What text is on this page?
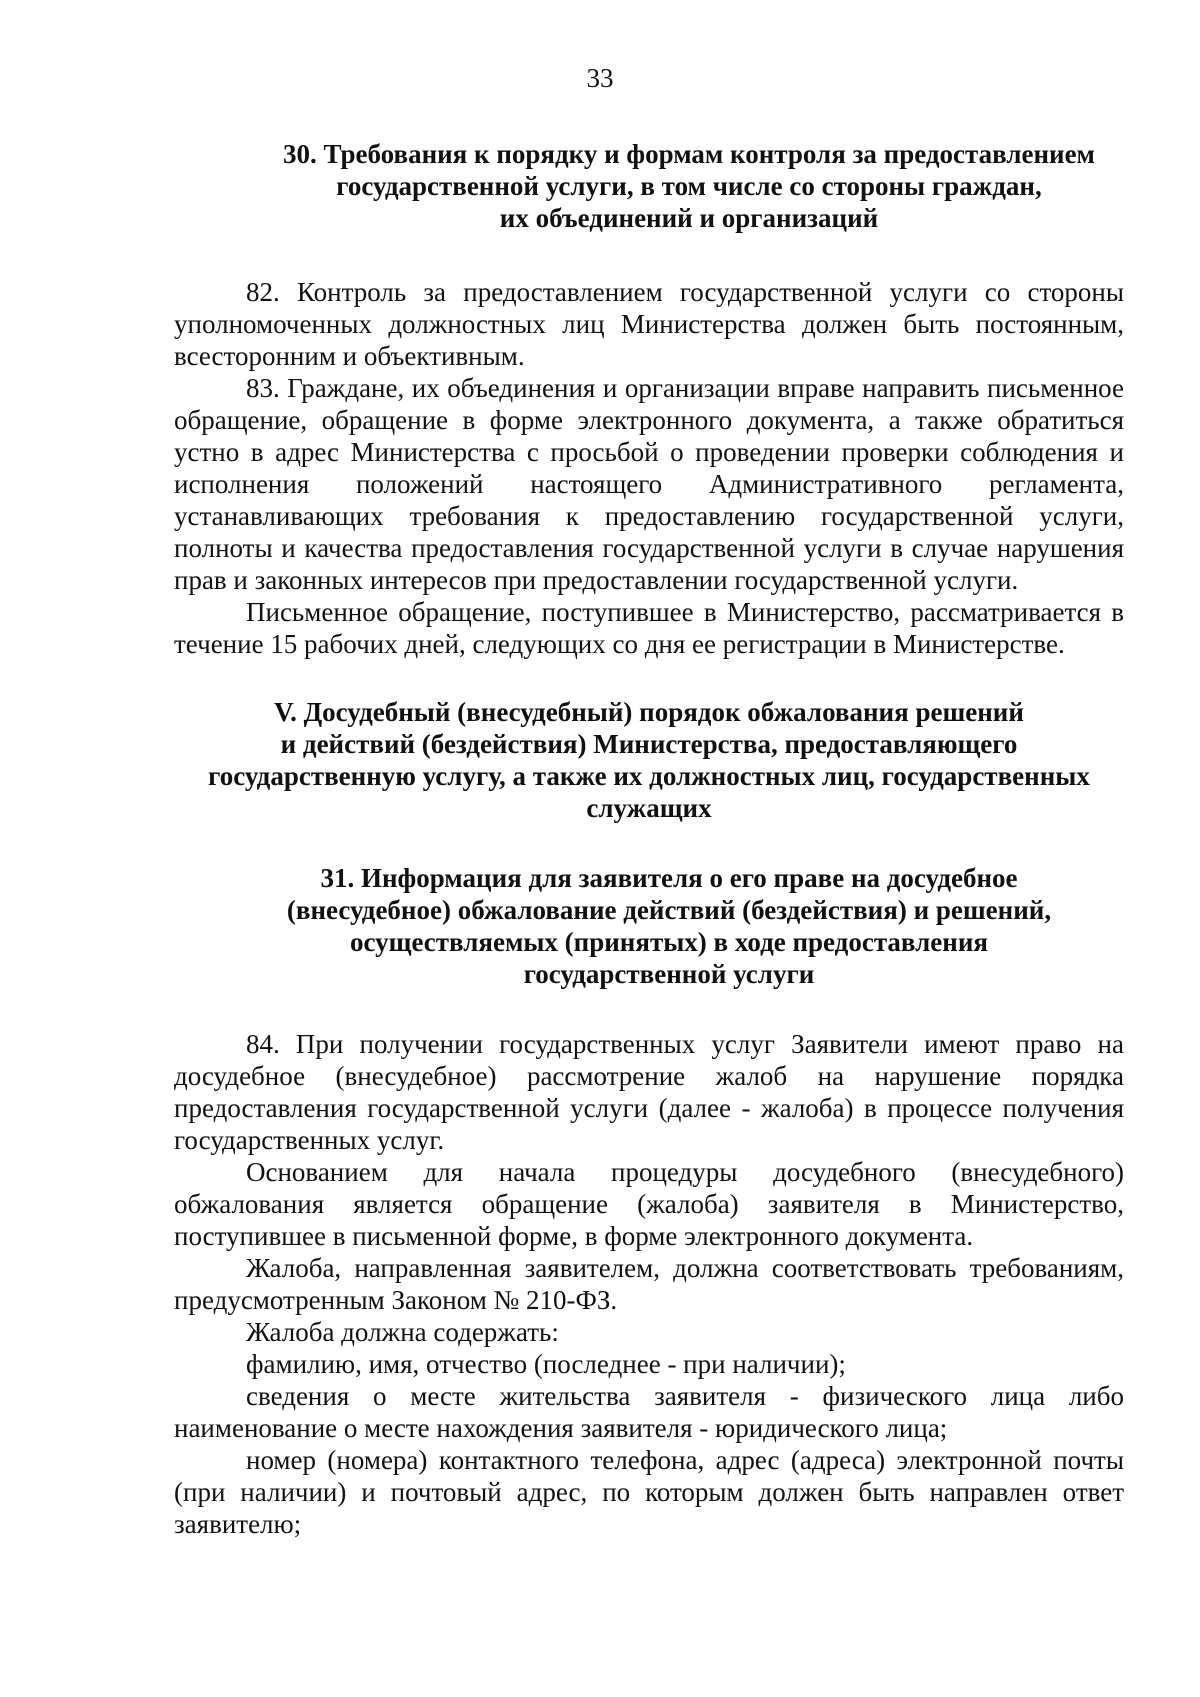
33
30. Требования к порядку и формам контроля за предоставлением
государственной услуги, в том числе со стороны граждан,
их объединений и организаций

82. Контроль за предоставлением государственной услуги со стороны уполномоченных должностных лиц Министерства должен быть постоянным, всесторонним и объективным.

83. Граждане, их объединения и организации вправе направить письменное обращение, обращение в форме электронного документа, а также обратиться устно в адрес Министерства с просьбой о проведении проверки соблюдения и исполнения положений настоящего Административного регламента, устанавливающих требования к предоставлению государственной услуги, полноты и качества предоставления государственной услуги в случае нарушения прав и законных интересов при предоставлении государственной услуги.

Письменное обращение, поступившее в Министерство, рассматривается в течение 15 рабочих дней, следующих со дня ее регистрации в Министерстве.

V. Досудебный (внесудебный) порядок обжалования решений
и действий (бездействия) Министерства, предоставляющего
государственную услугу, а также их должностных лиц, государственных
служащих
31. Информация для заявителя о его праве на досудебное
(внесудебное) обжалование действий (бездействия) и решений,
осуществляемых (принятых) в ходе предоставления
государственной услуги

84. При получении государственных услуг Заявители имеют право на досудебное (внесудебное) рассмотрение жалоб на нарушение порядка предоставления государственной услуги (далее - жалоба) в процессе получения государственных услуг.

Основанием для начала процедуры досудебного (внесудебного) обжалования является обращение (жалоба) заявителя в Министерство, поступившее в письменной форме, в форме электронного документа.

Жалоба, направленная заявителем, должна соответствовать требованиям, предусмотренным Законом № 210-ФЗ.

Жалоба должна содержать:

фамилию, имя, отчество (последнее - при наличии);

сведения о месте жительства заявителя - физического лица либо наименование о месте нахождения заявителя - юридического лица;

номер (номера) контактного телефона, адрес (адреса) электронной почты (при наличии) и почтовый адрес, по которым должен быть направлен ответ заявителю;
